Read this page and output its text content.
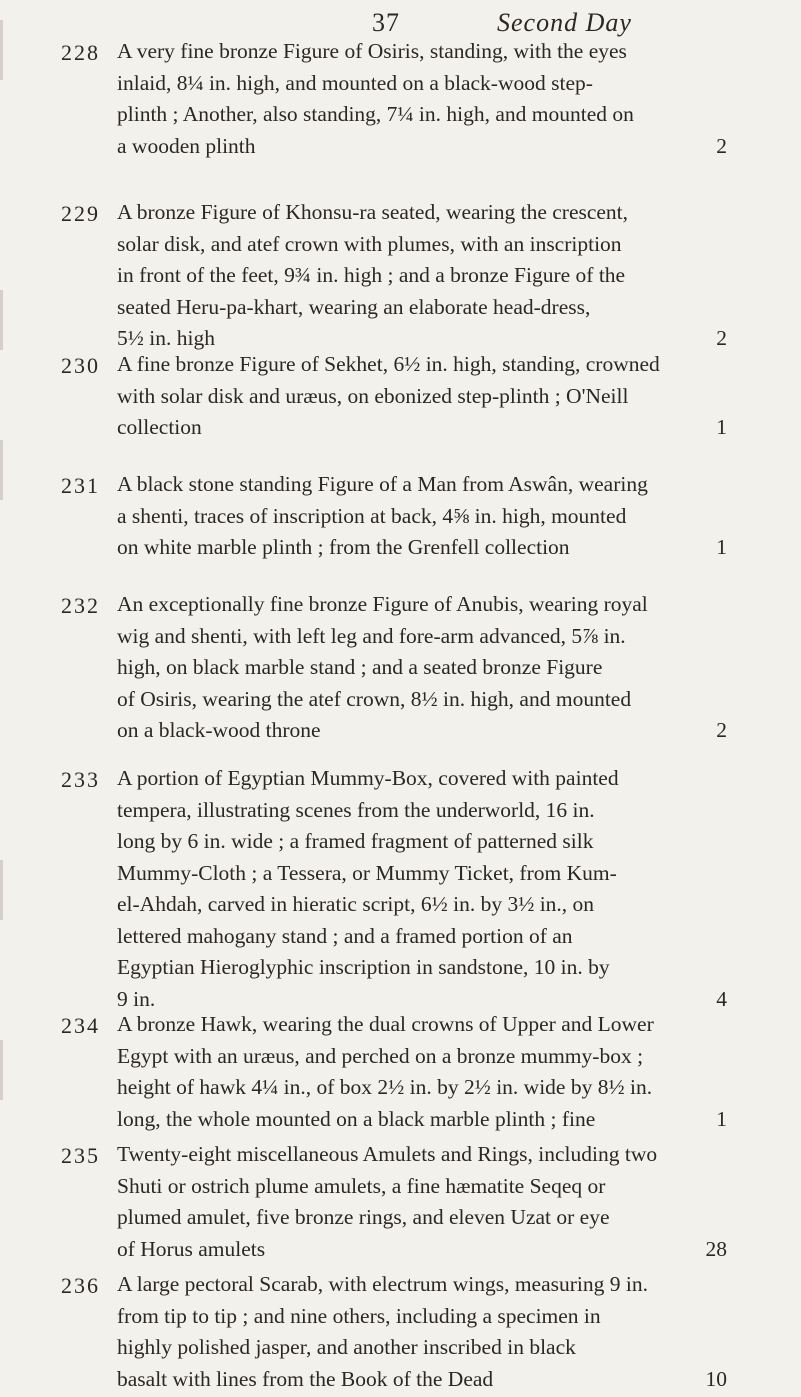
37	Second Day
228 A very fine bronze Figure of Osiris, standing, with the eyes
inlaid, 8¼ in. high, and mounted on a black-wood step-
plinth ; Another, also standing, 7¼ in. high, and mounted on
a wooden plinth	2
229 A bronze Figure of Khonsu-ra seated, wearing the crescent,
solar disk, and atef crown with plumes, with an inscription
in front of the feet, 9¾ in. high ; and a bronze Figure of the
seated Heru-pa-khart, wearing an elaborate head-dress,
5½ in. high	2
230 A fine bronze Figure of Sekhet, 6½ in. high, standing, crowned
with solar disk and uræus, on ebonized step-plinth ; O'Neill
collection	1
231 A black stone standing Figure of a Man from Aswân, wearing
a shenti, traces of inscription at back, 4⅝ in. high, mounted
on white marble plinth ; from the Grenfell collection	1
232 An exceptionally fine bronze Figure of Anubis, wearing royal
wig and shenti, with left leg and fore-arm advanced, 5⅞ in.
high, on black marble stand ; and a seated bronze Figure
of Osiris, wearing the atef crown, 8½ in. high, and mounted
on a black-wood throne	2
233 A portion of Egyptian Mummy-Box, covered with painted
tempera, illustrating scenes from the underworld, 16 in.
long by 6 in. wide ; a framed fragment of patterned silk
Mummy-Cloth ; a Tessera, or Mummy Ticket, from Kum-
el-Ahdah, carved in hieratic script, 6½ in. by 3½ in., on
lettered mahogany stand ; and a framed portion of an
Egyptian Hieroglyphic inscription in sandstone, 10 in. by
9 in.	4
234 A bronze Hawk, wearing the dual crowns of Upper and Lower
Egypt with an uræus, and perched on a bronze mummy-box ;
height of hawk 4¼ in., of box 2½ in. by 2½ in. wide by 8½ in.
long, the whole mounted on a black marble plinth ; fine	1
235 Twenty-eight miscellaneous Amulets and Rings, including two
Shuti or ostrich plume amulets, a fine hæmatite Seqeq or
plumed amulet, five bronze rings, and eleven Uzat or eye
of Horus amulets	28
236 A large pectoral Scarab, with electrum wings, measuring 9 in.
from tip to tip ; and nine others, including a specimen in
highly polished jasper, and another inscribed in black
basalt with lines from the Book of the Dead	10
